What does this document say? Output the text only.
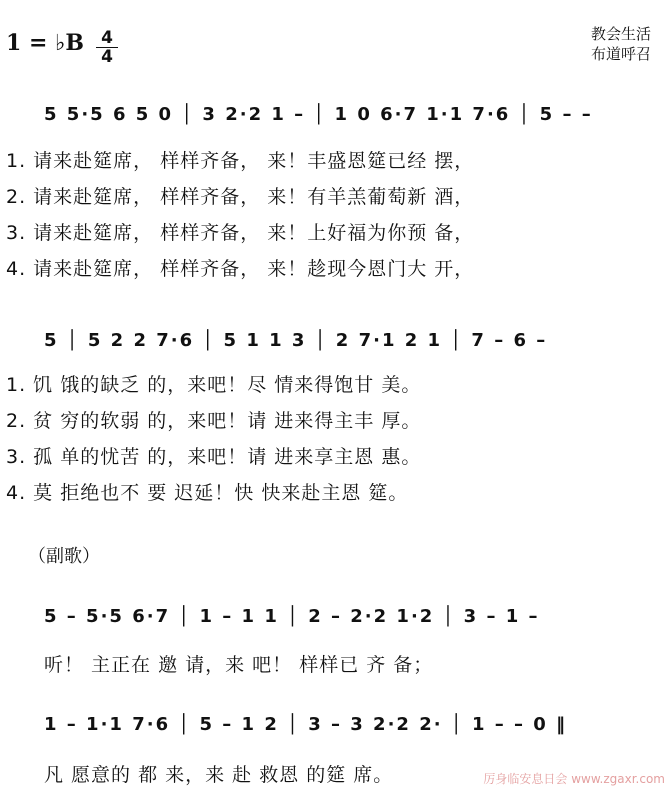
1 = ♭B 4
4
教会生活
布道呼召
5 5·5 6 5 0 │ 3 2·2 1 – │ 1 0 6·7 1·1 7·6 │ 5 – –
1. 请来赴筵席， 样样齐备， 来！丰盛恩筵已经 摆，
2. 请来赴筵席， 样样齐备， 来！有羊羔葡萄新 酒，
3. 请来赴筵席， 样样齐备， 来！上好福为你预 备，
4. 请来赴筵席， 样样齐备， 来！趁现今恩门大 开，
5 │ 5 2 2 7·6 │ 5 1 1 3 │ 2 7·1 2 1 │ 7 – 6 –
1. 饥 饿的缺乏 的，来吧！尽 情来得饱甘 美。
2. 贫 穷的软弱 的，来吧！请 进来得主丰 厚。
3. 孤 单的忧苦 的，来吧！请 进来享主恩 惠。
4. 莫 拒绝也不 要 迟延！快 快来赴主恩 筵。
（副歌）
5 – 5·5 6·7 │ 1 – 1 1 │ 2 – 2·2 1·2 │ 3 – 1 –
听！ 主正在 邀 请，来 吧！ 样样已 齐 备；
1 – 1·1 7·6 │ 5 – 1 2 │ 3 – 3 2·2 2· │ 1 – – 0 ‖
凡 愿意的 都 来，来 赴 救恩 的筵 席。	厉身临安息日会 www.zgaxr.com
